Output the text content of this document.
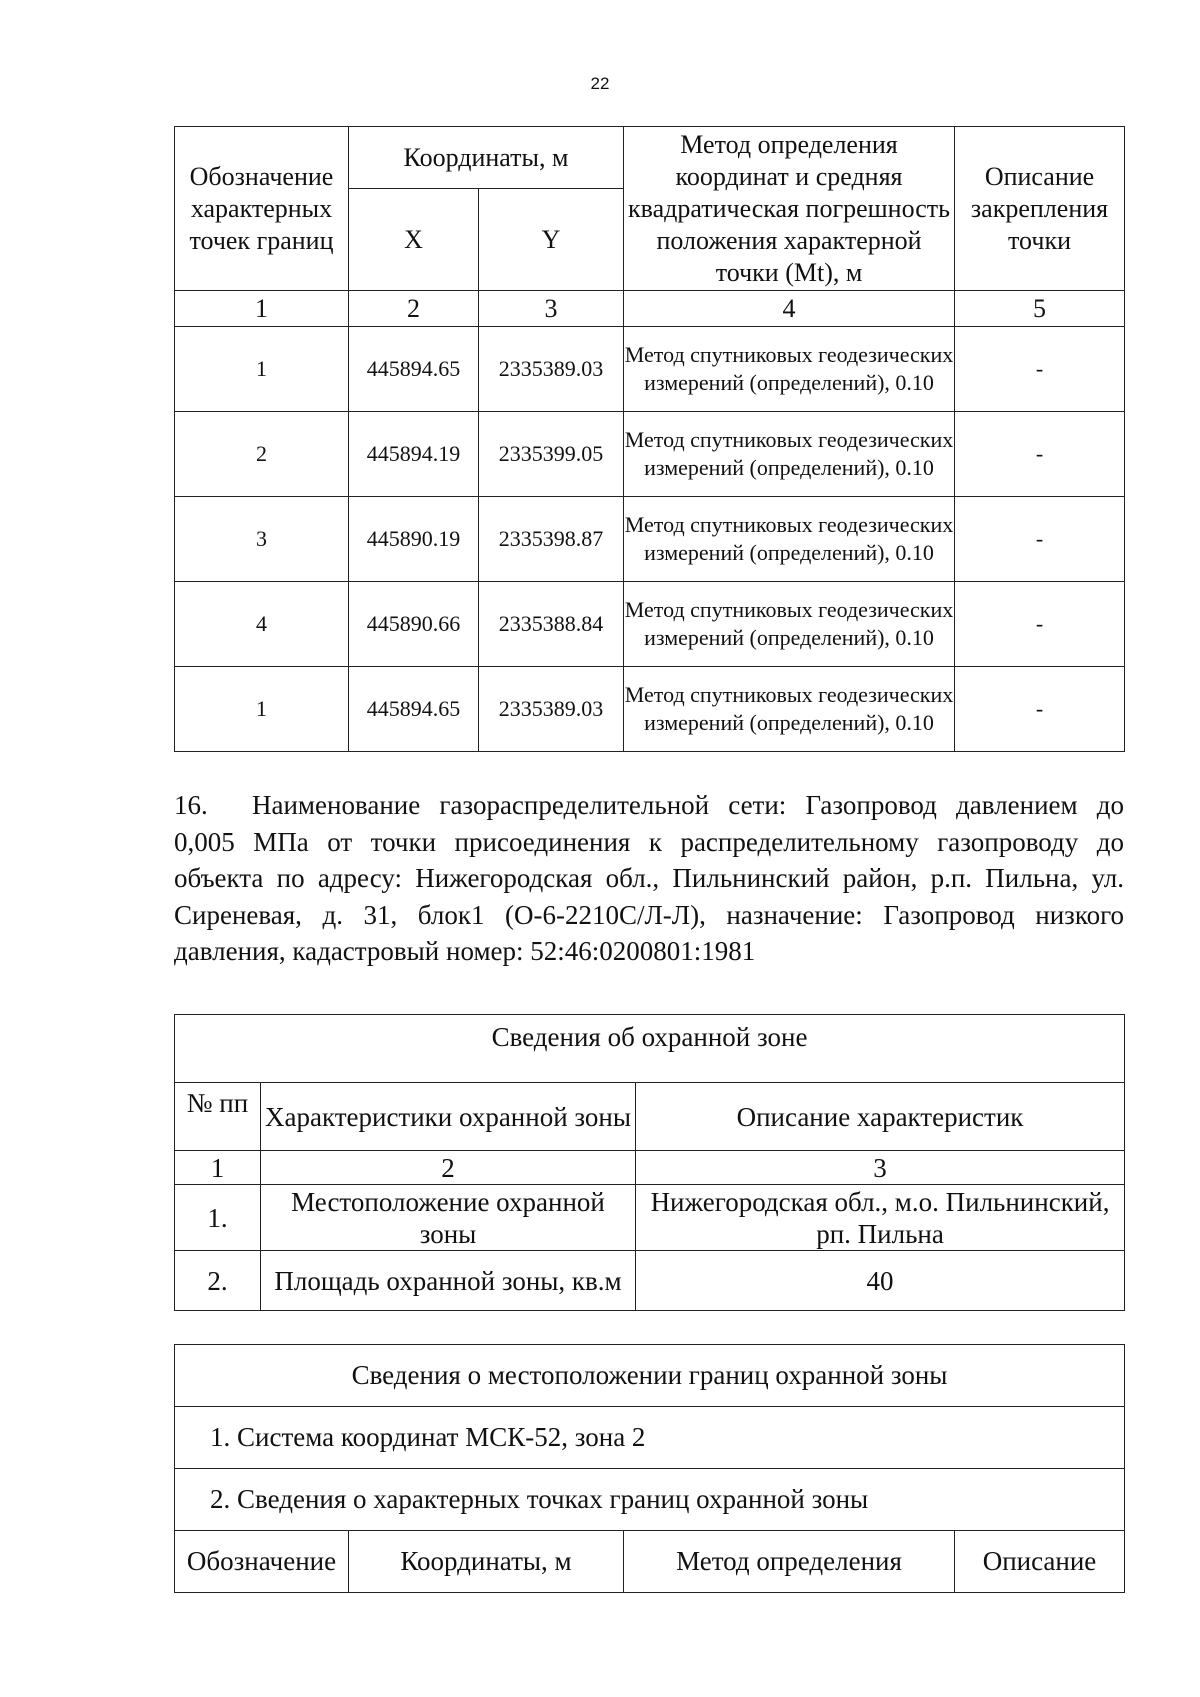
22
Обозначение характерных точек границ	Координаты, м		Метод определения координат и средняя квадратическая погрешность положения характерной точки (Mt), м	Описание закрепления точки
	X	Y		
1	2	3	4	5
1	445894.65	2335389.03	Метод спутниковых геодезических измерений (определений), 0.10	-
2	445894.19	2335399.05	Метод спутниковых геодезических измерений (определений), 0.10	-
3	445890.19	2335398.87	Метод спутниковых геодезических измерений (определений), 0.10	-
4	445890.66	2335388.84	Метод спутниковых геодезических измерений (определений), 0.10	-
1	445894.65	2335389.03	Метод спутниковых геодезических измерений (определений), 0.10	-

16. Наименование газораспределительной сети: Газопровод давлением до 0,005 МПа от точки присоединения к распределительному газопроводу до объекта по адресу: Нижегородская обл., Пильнинский район, р.п. Пильна, ул. Сиреневая, д. 31, блок1 (О-6-2210С/Л-Л), назначение: Газопровод низкого давления, кадастровый номер: 52:46:0200801:1981

Сведения об охранной зоне		
№ пп	Характеристики охранной зоны	Описание характеристик
1	2	3
1.	Местоположение охранной зоны	Нижегородская обл., м.о. Пильнинский, рп. Пильна
2.	Площадь охранной зоны, кв.м	40
Сведения о местоположении границ охранной зоны
1. Система координат МСК-52, зона 2
2. Сведения о характерных точках границ охранной зоны
Обозначение	Координаты, м	Метод определения	Описание
